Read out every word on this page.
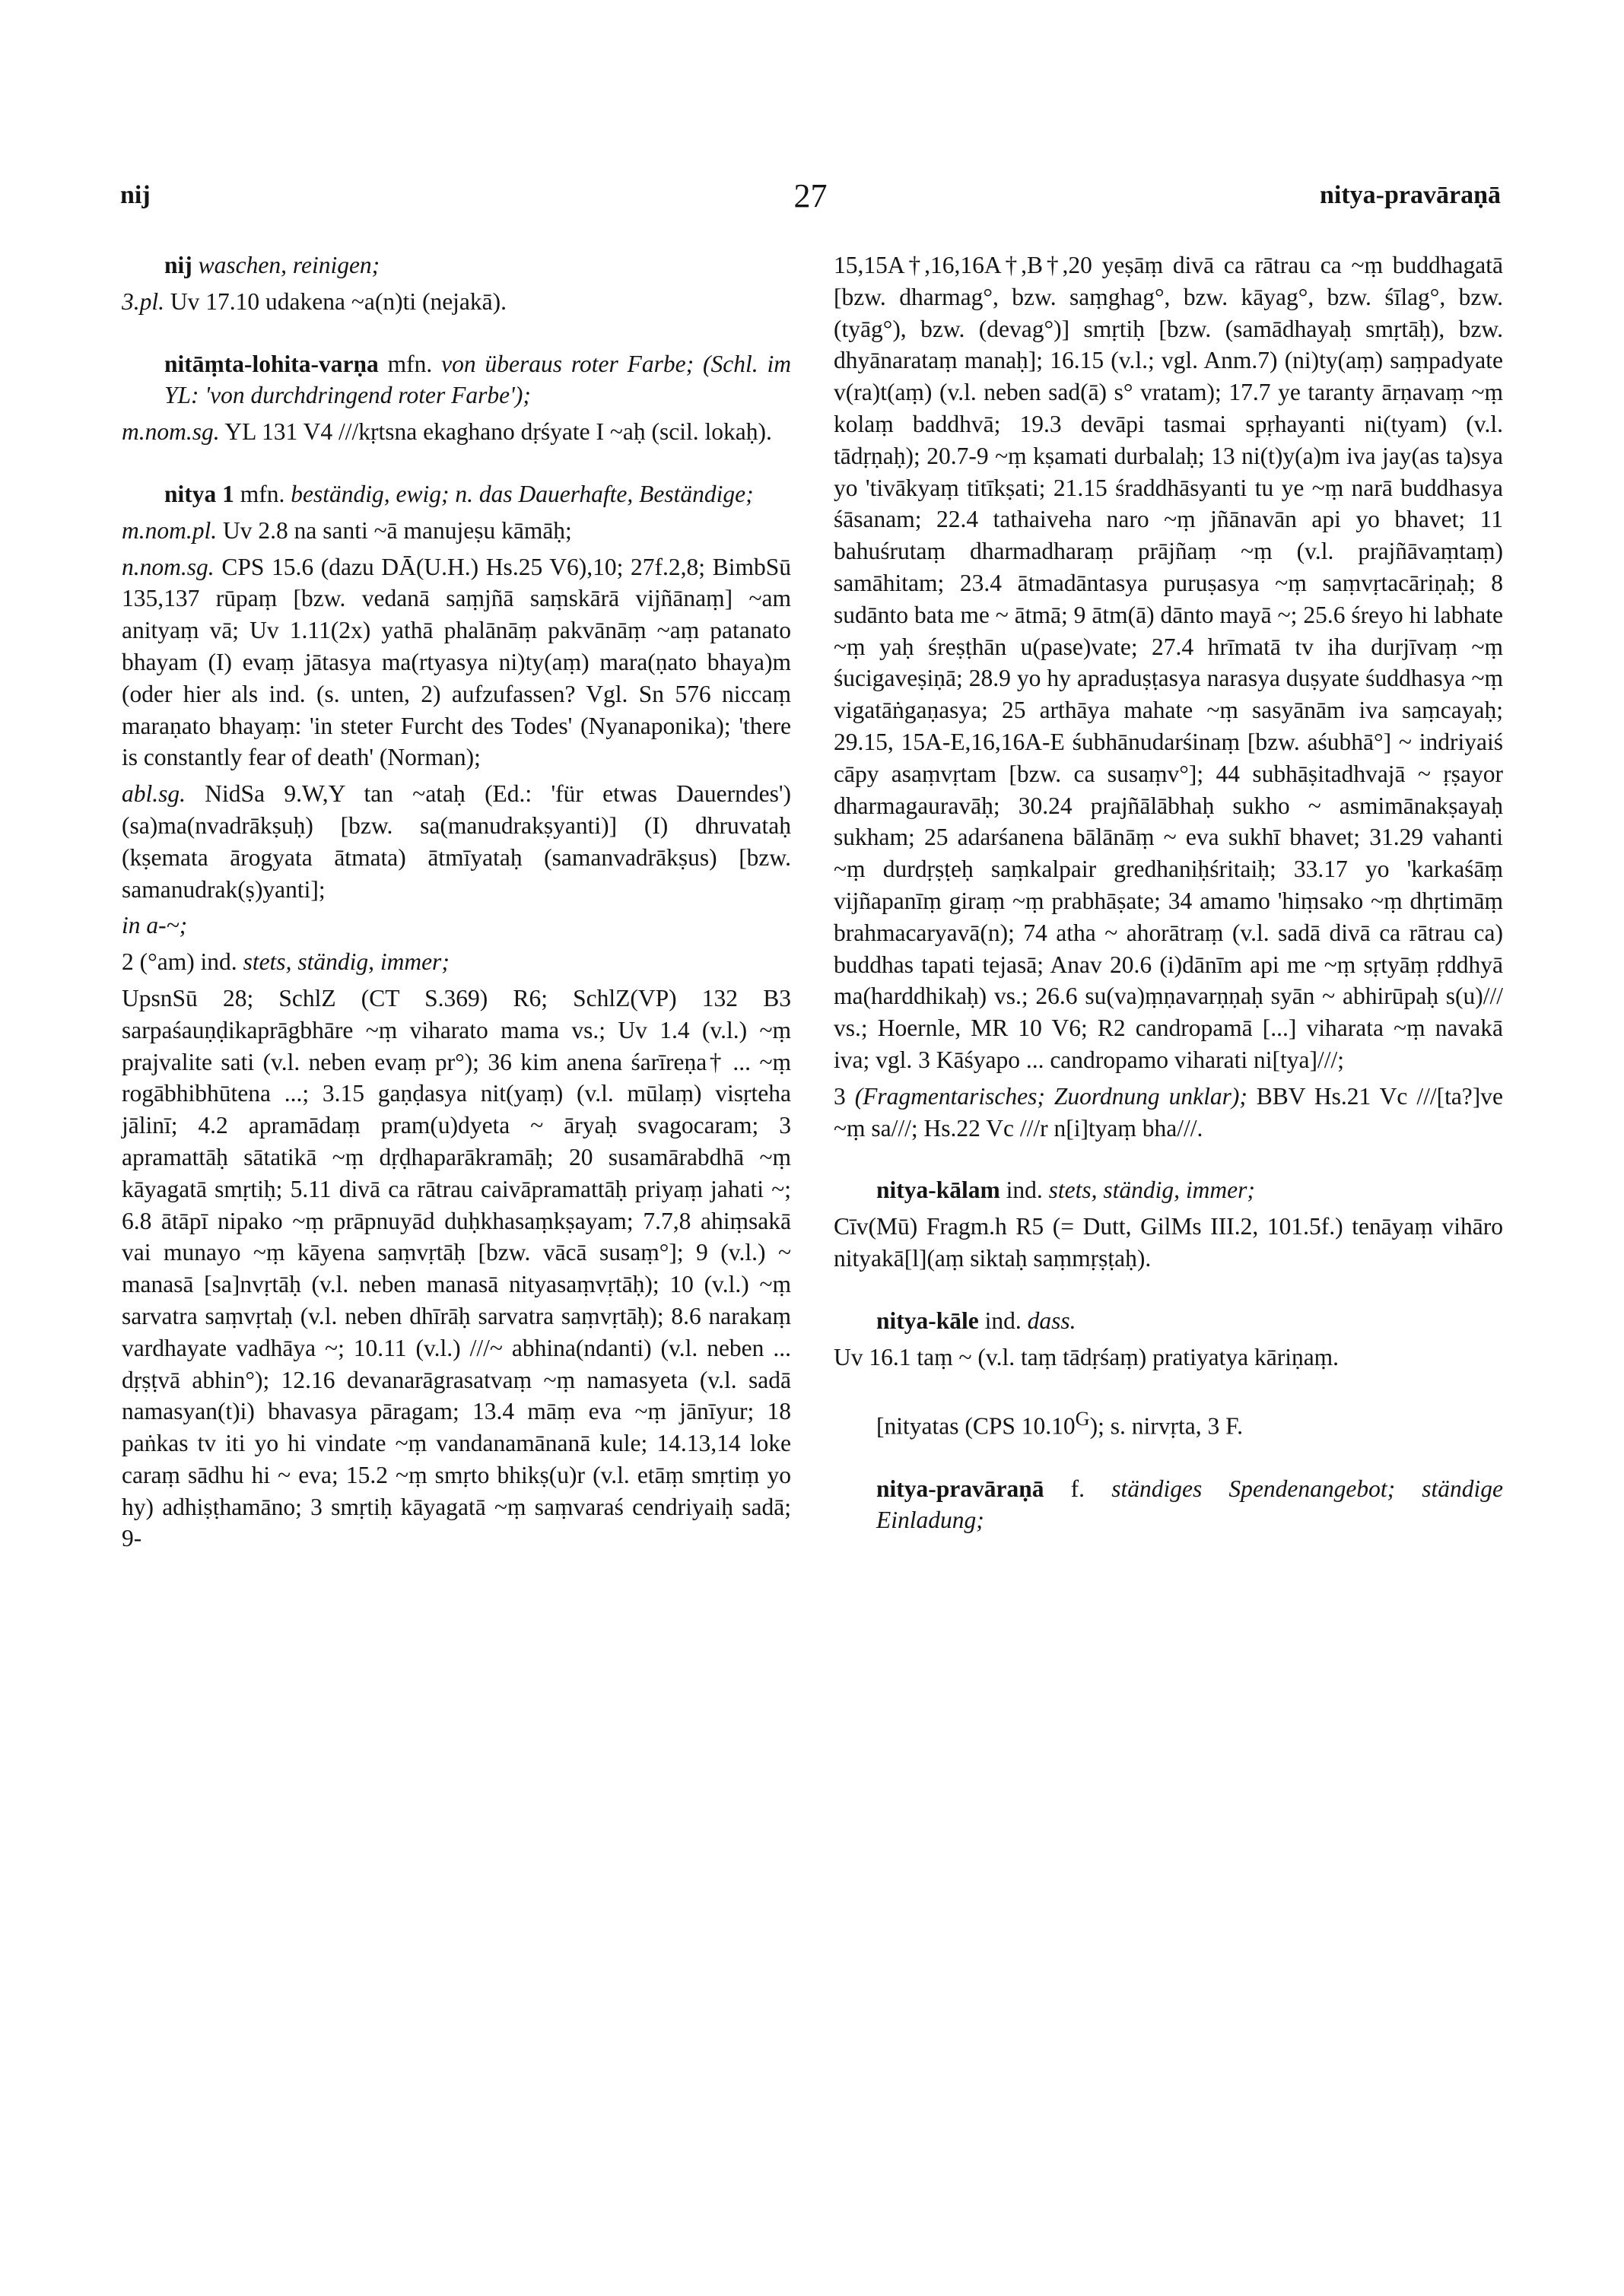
nij	27	nitya-pravāraṇā
nij waschen, reinigen;
3.pl. Uv 17.10 udakena ~a(n)ti (nejakā).
nitāṃta-lohita-varṇa mfn. von überaus roter Farbe; (Schl. im YL: 'von durchdringend roter Farbe');
m.nom.sg. YL 131 V4 ///kṛtsna ekaghano dṛśyate I ~aḥ (scil. lokaḥ).
nitya 1 mfn. beständig, ewig; n. das Dauerhafte, Beständige;
m.nom.pl. Uv 2.8 na santi ~ā manujeṣu kāmāḥ;
n.nom.sg. CPS 15.6 (dazu DĀ(U.H.) Hs.25 V6),10; 27f.2,8; BimbSū 135,137 rūpaṃ [bzw. vedanā saṃjñā saṃskārā vijñānaṃ] ~am anityaṃ vā; Uv 1.11(2x) yathā phalānāṃ pakvānāṃ ~aṃ patanato bhayam (I) evaṃ jātasya ma(rtyasya ni)ty(aṃ) mara(ṇato bhaya)m (oder hier als ind. (s. unten, 2) aufzufassen? Vgl. Sn 576 niccaṃ maraṇato bhayaṃ: 'in steter Furcht des Todes' (Nyanaponika); 'there is constantly fear of death' (Norman);
abl.sg. NidSa 9.W,Y tan ~ataḥ (Ed.: 'für etwas Dauerndes') (sa)ma(nvadrākṣuḥ) [bzw. sa(manudrakṣyanti)] (I) dhruvataḥ (kṣemata ārogyata ātmata) ātmīyataḥ (samanvadrākṣus) [bzw. samanudrak(ṣ)yanti];
in a-~;
2 (°am) ind. stets, ständig, immer;
UpsnSū 28; SchlZ (CT S.369) R6; SchlZ(VP) 132 B3 sarpaśauṇḍikaprāgbhāre ~ṃ viharato mama vs.; Uv 1.4 (v.l.) ~ṃ prajvalite sati (v.l. neben evaṃ pr°); 36 kim anena śarīreṇa† ... ~ṃ rogābhibhūtena ...; 3.15 gaṇḍasya nit(yaṃ) (v.l. mūlaṃ) visṛteha jālinī; 4.2 apramādaṃ pram(u)dyeta ~ āryaḥ svagocaram; 3 apramattāḥ sātatikā ~ṃ dṛḍhaparākramāḥ; 20 susamārabdhā ~ṃ kāyagatā smṛtiḥ; 5.11 divā ca rātrau caivāpramattāḥ priyaṃ jahati ~; 6.8 ātāpī nipako ~ṃ prāpnuyād duḥkhasaṃkṣayam; 7.7,8 ahiṃsakā vai munayo ~ṃ kāyena saṃvṛtāḥ [bzw. vācā susaṃ°]; 9 (v.l.) ~ manasā [sa]nvṛtāḥ (v.l. neben manasā nityasaṃvṛtāḥ); 10 (v.l.) ~ṃ sarvatra saṃvṛtaḥ (v.l. neben dhīrāḥ sarvatra saṃvṛtāḥ); 8.6 narakaṃ vardhayate vadhāya ~; 10.11 (v.l.) ///~ abhina(ndanti) (v.l. neben ... dṛṣṭvā abhin°); 12.16 devanarāgrasatvaṃ ~ṃ namasyeta (v.l. sadā namasyan(t)i) bhavasya pāragam; 13.4 māṃ eva ~ṃ jānīyur; 18 paṅkas tv iti yo hi vindate ~ṃ vandanamānanā kule; 14.13,14 loke caraṃ sādhu hi ~ eva; 15.2 ~ṃ smṛto bhikṣ(u)r (v.l. etāṃ smṛtiṃ yo hy) adhiṣṭhamāno; 3 smṛtiḥ kāyagatā ~ṃ saṃvaraś cendriyaiḥ sadā; 9-
15,15A†,16,16A†,B†,20 yeṣāṃ divā ca rātrau ca ~ṃ buddhagatā [bzw. dharmag°, bzw. saṃghag°, bzw. kāyag°, bzw. śīlag°, bzw. (tyāg°), bzw. (devag°)] smṛtiḥ [bzw. (samādhayaḥ smṛtāḥ), bzw. dhyānarataṃ manaḥ]; 16.15 (v.l.; vgl. Anm.7) (ni)ty(aṃ) saṃpadyate v(ra)t(aṃ) (v.l. neben sad(ā) s° vratam); 17.7 ye taranty ārṇavaṃ ~ṃ kolaṃ baddhvā; 19.3 devāpi tasmai spṛhayanti ni(tyam) (v.l. tādṛṇaḥ); 20.7-9 ~ṃ kṣamati durbalaḥ; 13 ni(t)y(a)m iva jay(as ta)sya yo 'tivākyaṃ titīkṣati; 21.15 śraddhāsyanti tu ye ~ṃ narā buddhasya śāsanam; 22.4 tathaiveha naro ~ṃ jñānavān api yo bhavet; 11 bahuśrutaṃ dharmadharaṃ prājñaṃ ~ṃ (v.l. prajñāvaṃtaṃ) samāhitam; 23.4 ātmadāntasya puruṣasya ~ṃ saṃvṛtacāriṇaḥ; 8 sudānto bata me ~ ātmā; 9 ātm(ā) dānto mayā ~; 25.6 śreyo hi labhate ~ṃ yaḥ śreṣṭhān u(pase)vate; 27.4 hrīmatā tv iha durjīvaṃ ~ṃ śucigaveṣiṇā; 28.9 yo hy apraduṣṭasya narasya duṣyate śuddhasya ~ṃ vigatāṅgaṇasya; 25 arthāya mahate ~ṃ sasyānām iva saṃcayaḥ; 29.15, 15A-E,16,16A-E śubhānudarśinaṃ [bzw. aśubhā°] ~ indriyaiś cāpy asaṃvṛtam [bzw. ca susaṃv°]; 44 subhāṣitadhvajā ~ ṛṣayor dharmagauravāḥ; 30.24 prajñālābhaḥ sukho ~ asmimānakṣayaḥ sukham; 25 adarśanena bālānāṃ ~ eva sukhī bhavet; 31.29 vahanti ~ṃ durdṛṣṭeḥ saṃkalpair gredhaniḥśritaiḥ; 33.17 yo 'karkaśāṃ vijñapanīṃ giraṃ ~ṃ prabhāṣate; 34 amamo 'hiṃsako ~ṃ dhṛtimāṃ brahmacaryavā(n); 74 atha ~ ahorātraṃ (v.l. sadā divā ca rātrau ca) buddhas tapati tejasā; Anav 20.6 (i)dānīm api me ~ṃ sṛtyāṃ ṛddhyā ma(harddhikaḥ) vs.; 26.6 su(va)ṃṇavarṇṇaḥ syān ~ abhirūpaḥ s(u)/// vs.; Hoernle, MR 10 V6; R2 candropamā [...] viharata ~ṃ navakā iva; vgl. 3 Kāśyapo ... candropamo viharati ni[tya]///;
3 (Fragmentarisches; Zuordnung unklar); BBV Hs.21 Vc ///[ta?]ve ~ṃ sa///; Hs.22 Vc ///r n[i]tyaṃ bha///.
nitya-kālam ind. stets, ständig, immer;
Cīv(Mū) Fragm.h R5 (= Dutt, GilMs III.2, 101.5f.) tenāyaṃ vihāro nityakā[l](aṃ siktaḥ saṃmṛṣṭaḥ).
nitya-kāle ind. dass.
Uv 16.1 taṃ ~ (v.l. taṃ tādṛśaṃ) pratiyatya kāriṇaṃ.
[nityatas (CPS $10.10^G$); s. nirvṛta, 3 F.
nitya-pravāraṇā f. ständiges Spendenangebot; ständige Einladung;
